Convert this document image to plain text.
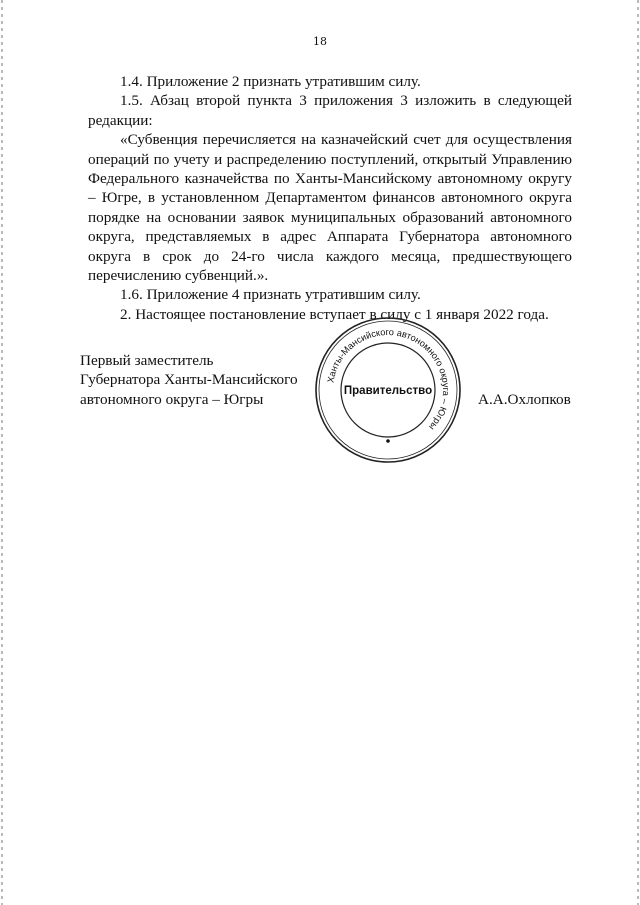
18

1.4. Приложение 2 признать утратившим силу.

1.5. Абзац второй пункта 3 приложения 3 изложить в следующей редакции:

«Субвенция перечисляется на казначейский счет для осуществления операций по учету и распределению поступлений, открытый Управлению Федерального казначейства по Ханты-Мансийскому автономному округу – Югре, в установленном Департаментом финансов автономного округа порядке на основании заявок муниципальных образований автономного округа, представляемых в адрес Аппарата Губернатора автономного округа в срок до 24-го числа каждого месяца, предшествующего перечислению субвенций.».

1.6. Приложение 4 признать утратившим силу.

2. Настоящее постановление вступает в силу с 1 января 2022 года.

Первый заместитель
Губернатора Ханты-Мансийского
автономного округа – Югры
Ханты-Мансийского автономного округа – Югры
Правительство	А.А.Охлопков
